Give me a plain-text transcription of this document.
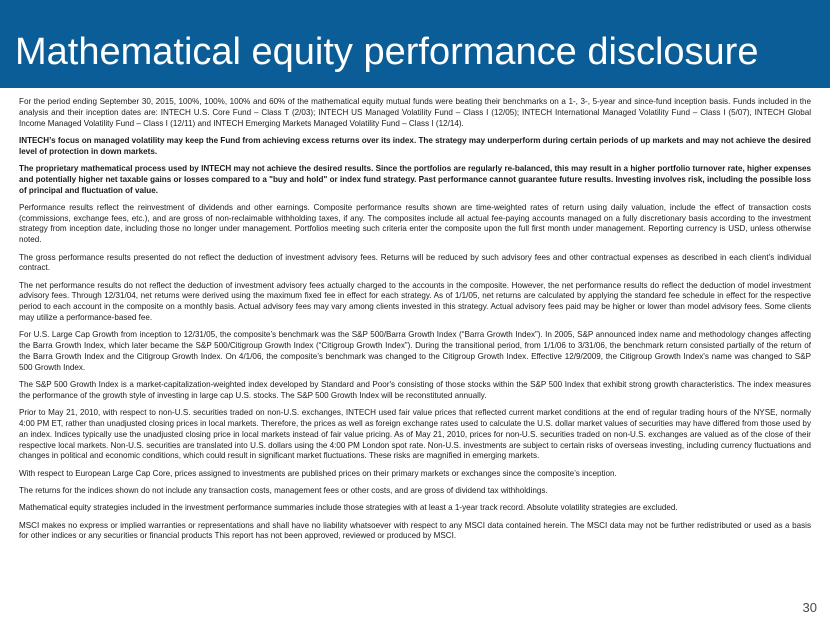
Mathematical equity performance disclosure

For the period ending September 30, 2015, 100%, 100%, 100% and 60% of the mathematical equity mutual funds were beating their benchmarks on a 1-, 3-, 5-year and since-fund inception basis. Funds included in the analysis and their inception dates are: INTECH U.S. Core Fund – Class T (2/03); INTECH US Managed Volatility Fund – Class I (12/05); INTECH International Managed Volatility Fund – Class I (5/07), INTECH Global Income Managed Volatility Fund – Class I (12/11) and INTECH Emerging Markets Managed Volatility Fund – Class I (12/14).

INTECH’s focus on managed volatility may keep the Fund from achieving excess returns over its index. The strategy may underperform during certain periods of up markets and may not achieve the desired level of protection in down markets.

The proprietary mathematical process used by INTECH may not achieve the desired results. Since the portfolios are regularly re-balanced, this may result in a higher portfolio turnover rate, higher expenses and potentially higher net taxable gains or losses compared to a "buy and hold" or index fund strategy. Past performance cannot guarantee future results. Investing involves risk, including the possible loss of principal and fluctuation of value.

Performance results reflect the reinvestment of dividends and other earnings. Composite performance results shown are time-weighted rates of return using daily valuation, include the effect of transaction costs (commissions, exchange fees, etc.), and are gross of non-reclaimable withholding taxes, if any. The composites include all actual fee-paying accounts managed on a fully discretionary basis according to the investment strategy from inception date, including those no longer under management. Portfolios meeting such criteria enter the composite upon the full first month under management. Reporting currency is USD, unless otherwise noted.

The gross performance results presented do not reflect the deduction of investment advisory fees. Returns will be reduced by such advisory fees and other contractual expenses as described in each client’s individual contract.

The net performance results do not reflect the deduction of investment advisory fees actually charged to the accounts in the composite. However, the net performance results do reflect the deduction of model investment advisory fees. Through 12/31/04, net returns were derived using the maximum fixed fee in effect for each strategy. As of 1/1/05, net returns are calculated by applying the standard fee schedule in effect for the respective period to each account in the composite on a monthly basis. Actual advisory fees may vary among clients invested in this strategy. Actual advisory fees paid may be higher or lower than model advisory fees. Some clients may utilize a performance-based fee.

For U.S. Large Cap Growth from inception to 12/31/05, the composite’s benchmark was the S&P 500/Barra Growth Index (“Barra Growth Index”). In 2005, S&P announced index name and methodology changes affecting the Barra Growth Index, which later became the S&P 500/Citigroup Growth Index (“Citigroup Growth Index”). During the transitional period, from 1/1/06 to 3/31/06, the benchmark return consisted partially of the return of the Barra Growth Index and the Citigroup Growth Index. On 4/1/06, the composite’s benchmark was changed to the Citigroup Growth Index. Effective 12/9/2009, the Citigroup Growth Index's name was changed to S&P 500 Growth Index.

The S&P 500 Growth Index is a market-capitalization-weighted index developed by Standard and Poor's consisting of those stocks within the S&P 500 Index that exhibit strong growth characteristics. The index measures the performance of the growth style of investing in large cap U.S. stocks. The S&P 500 Growth Index will be reconstituted annually.

Prior to May 21, 2010, with respect to non-U.S. securities traded on non-U.S. exchanges, INTECH used fair value prices that reflected current market conditions at the end of regular trading hours of the NYSE, normally 4:00 PM ET, rather than unadjusted closing prices in local markets. Therefore, the prices as well as foreign exchange rates used to calculate the U.S. dollar market values of securities may have differed from those used by an index. Indices typically use the unadjusted closing price in local markets instead of fair value pricing. As of May 21, 2010, prices for non-U.S. securities traded on non-U.S. exchanges are valued as of the close of their respective local markets. Non-U.S. securities are translated into U.S. dollars using the 4:00 PM London spot rate. Non-U.S. investments are subject to certain risks of overseas investing, including currency fluctuations and changes in political and economic conditions, which could result in significant market fluctuations. These risks are magnified in emerging markets.

With respect to European Large Cap Core, prices assigned to investments are published prices on their primary markets or exchanges since the composite’s inception.

The returns for the indices shown do not include any transaction costs, management fees or other costs, and are gross of dividend tax withholdings.

Mathematical equity strategies included in the investment performance summaries include those strategies with at least a 1-year track record. Absolute volatility strategies are excluded.

MSCI makes no express or implied warranties or representations and shall have no liability whatsoever with respect to any MSCI data contained herein. The MSCI data may not be further redistributed or used as a basis for other indices or any securities or financial products This report has not been approved, reviewed or produced by MSCI.

30
